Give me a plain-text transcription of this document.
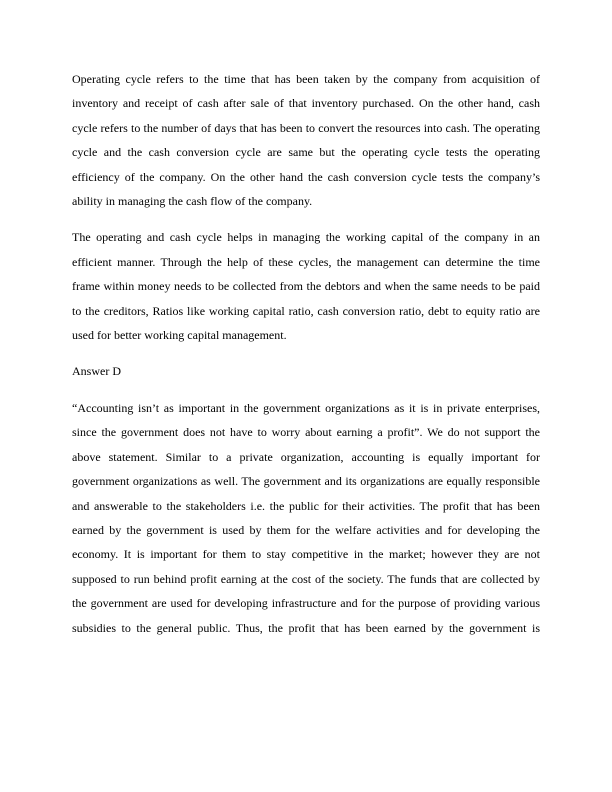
Operating cycle refers to the time that has been taken by the company from acquisition of inventory and receipt of cash after sale of that inventory purchased. On the other hand, cash cycle refers to the number of days that has been to convert the resources into cash. The operating cycle and the cash conversion cycle are same but the operating cycle tests the operating efficiency of the company. On the other hand the cash conversion cycle tests the company’s ability in managing the cash flow of the company.

The operating and cash cycle helps in managing the working capital of the company in an efficient manner. Through the help of these cycles, the management can determine the time frame within money needs to be collected from the debtors and when the same needs to be paid to the creditors, Ratios like working capital ratio, cash conversion ratio, debt to equity ratio are used for better working capital management.

Answer D

“Accounting isn’t as important in the government organizations as it is in private enterprises, since the government does not have to worry about earning a profit”. We do not support the above statement. Similar to a private organization, accounting is equally important for government organizations as well. The government and its organizations are equally responsible and answerable to the stakeholders i.e. the public for their activities. The profit that has been earned by the government is used by them for the welfare activities and for developing the economy. It is important for them to stay competitive in the market; however they are not supposed to run behind profit earning at the cost of the society. The funds that are collected by the government are used for developing infrastructure and for the purpose of providing various subsidies to the general public. Thus, the profit that has been earned by the government is
